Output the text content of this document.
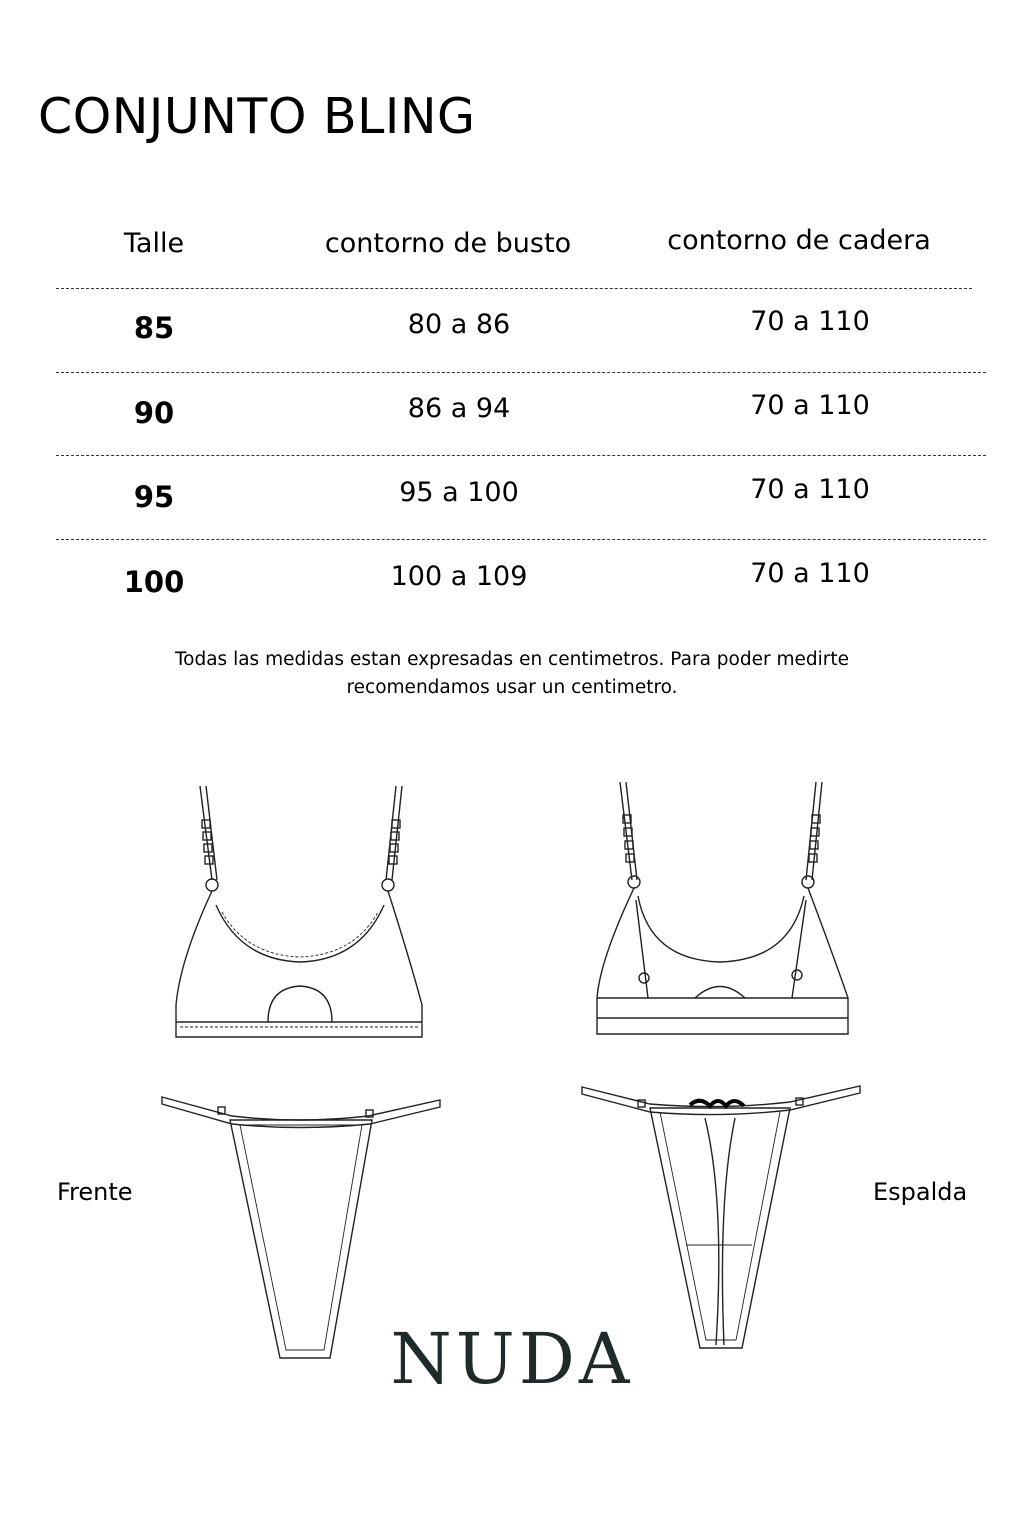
CONJUNTO BLING
Talle	contorno de busto	contorno de cadera
85	80 a 86	70 a 110
90	86 a 94	70 a 110
95	95 a 100	70 a 110
100	100 a 109	70 a 110
Todas las medidas estan expresadas en centimetros. Para poder medirte
recomendamos usar un centimetro.
Frente	Espalda
NUDA
